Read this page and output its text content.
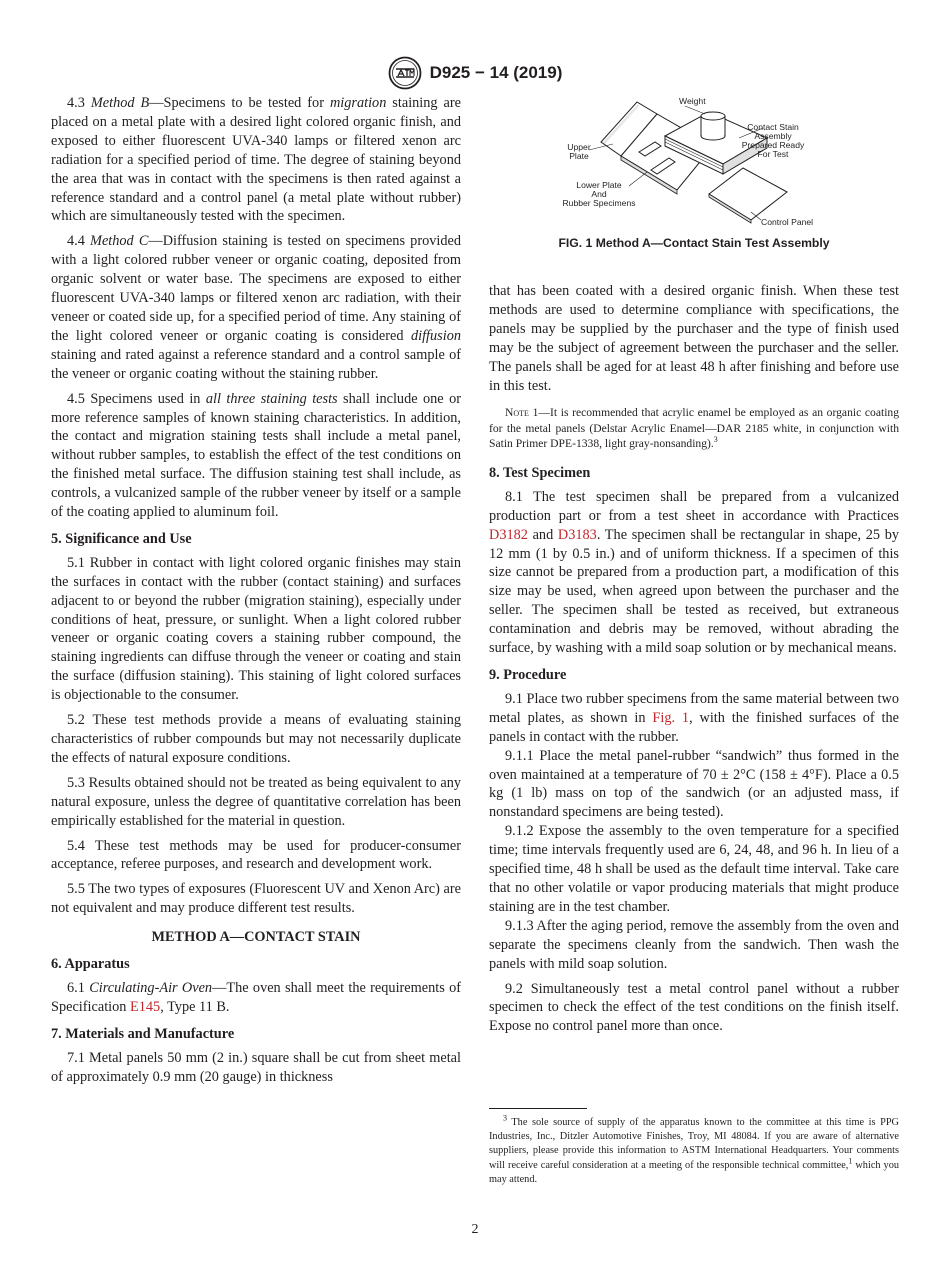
D925 − 14 (2019)

4.3 Method B—Specimens to be tested for migration staining are placed on a metal plate with a desired light colored organic finish, and exposed to either fluorescent UVA-340 lamps or filtered xenon arc radiation for a specified period of time. The degree of staining beyond the area that was in contact with the specimens is then rated against a reference standard and a control panel (a metal plate without rubber) which are simultaneously tested with the specimen.

4.4 Method C—Diffusion staining is tested on specimens provided with a light colored rubber veneer or organic coating, deposited from organic solvent or water base. The specimens are exposed to either fluorescent UVA-340 lamps or filtered xenon arc radiation, with their veneer or coated side up, for a specified period of time. Any staining of the light colored veneer or organic coating is considered diffusion staining and rated against a reference standard and a control sample of the veneer or organic coating without the staining rubber.

4.5 Specimens used in all three staining tests shall include one or more reference samples of known staining characteristics. In addition, the contact and migration staining tests shall include a metal panel, without rubber samples, to establish the effect of the test conditions on the finished metal surface. The diffusion staining test shall include, as controls, a vulcanized sample of the rubber veneer by itself or a sample of the coating applied to aluminum foil.

5. Significance and Use

5.1 Rubber in contact with light colored organic finishes may stain the surfaces in contact with the rubber (contact staining) and surfaces adjacent to or beyond the rubber (migration staining), especially under conditions of heat, pressure, or sunlight. When a light colored rubber veneer or organic coating covers a staining rubber compound, the staining ingredients can diffuse through the veneer or coating and stain the surface (diffusion staining). This staining of light colored surfaces is objectionable to the consumer.

5.2 These test methods provide a means of evaluating staining characteristics of rubber compounds but may not necessarily duplicate the effects of natural exposure conditions.

5.3 Results obtained should not be treated as being equivalent to any natural exposure, unless the degree of quantitative correlation has been empirically established for the material in question.

5.4 These test methods may be used for producer-consumer acceptance, referee purposes, and research and development work.

5.5 The two types of exposures (Fluorescent UV and Xenon Arc) are not equivalent and may produce different test results.

METHOD A—CONTACT STAIN
6. Apparatus

6.1 Circulating-Air Oven—The oven shall meet the requirements of Specification E145, Type 11 B.

7. Materials and Manufacture

7.1 Metal panels 50 mm (2 in.) square shall be cut from sheet metal of approximately 0.9 mm (20 gauge) in thickness

Weight
Contact Stain
Assembly
Prepared Ready
For Test
Upper
Plate
Lower Plate
And
Rubber Specimens
Control Panel
FIG. 1 Method A—Contact Stain Test Assembly

that has been coated with a desired organic finish. When these test methods are used to determine compliance with specifications, the panels may be supplied by the purchaser and the type of finish used may be the subject of agreement between the purchaser and the seller. The panels shall be aged for at least 48 h after finishing and before use in this test.

Note 1—It is recommended that acrylic enamel be employed as an organic coating for the metal panels (Delstar Acrylic Enamel—DAR 2185 white, in conjunction with Satin Primer DPE-1338, light gray-nonsanding).$^3$
8. Test Specimen

8.1 The test specimen shall be prepared from a vulcanized production part or from a test sheet in accordance with Practices D3182 and D3183. The specimen shall be rectangular in shape, 25 by 12 mm (1 by 0.5 in.) and of uniform thickness. If a specimen of this size cannot be prepared from a production part, a modification of this size may be used, when agreed upon between the purchaser and the seller. The specimen shall be tested as received, but extraneous contamination and debris may be removed, without abrading the surface, by washing with a mild soap solution or by mechanical means.

9. Procedure

9.1 Place two rubber specimens from the same material between two metal plates, as shown in Fig. 1, with the finished surfaces of the panels in contact with the rubber.

9.1.1 Place the metal panel-rubber “sandwich” thus formed in the oven maintained at a temperature of 70 ± 2°C (158 ± 4°F). Place a 0.5 kg (1 lb) mass on top of the sandwich (or an adjusted mass, if nonstandard specimens are being tested).

9.1.2 Expose the assembly to the oven temperature for a specified time; time intervals frequently used are 6, 24, 48, and 96 h. In lieu of a specified time, 48 h shall be used as the default time interval. Take care that no other volatile or vapor producing materials that might produce staining are in the test chamber.

9.1.3 After the aging period, remove the assembly from the oven and separate the specimens cleanly from the sandwich. Then wash the panels with mild soap solution.

9.2 Simultaneously test a metal control panel without a rubber specimen to check the effect of the test conditions on the finish itself. Expose no control panel more than once.

$^3$ The sole source of supply of the apparatus known to the committee at this time is PPG Industries, Inc., Ditzler Automotive Finishes, Troy, MI 48084. If you are aware of alternative suppliers, please provide this information to ASTM International Headquarters. Your comments will receive careful consideration at a meeting of the responsible technical committee,$^1$ which you may attend.
2
